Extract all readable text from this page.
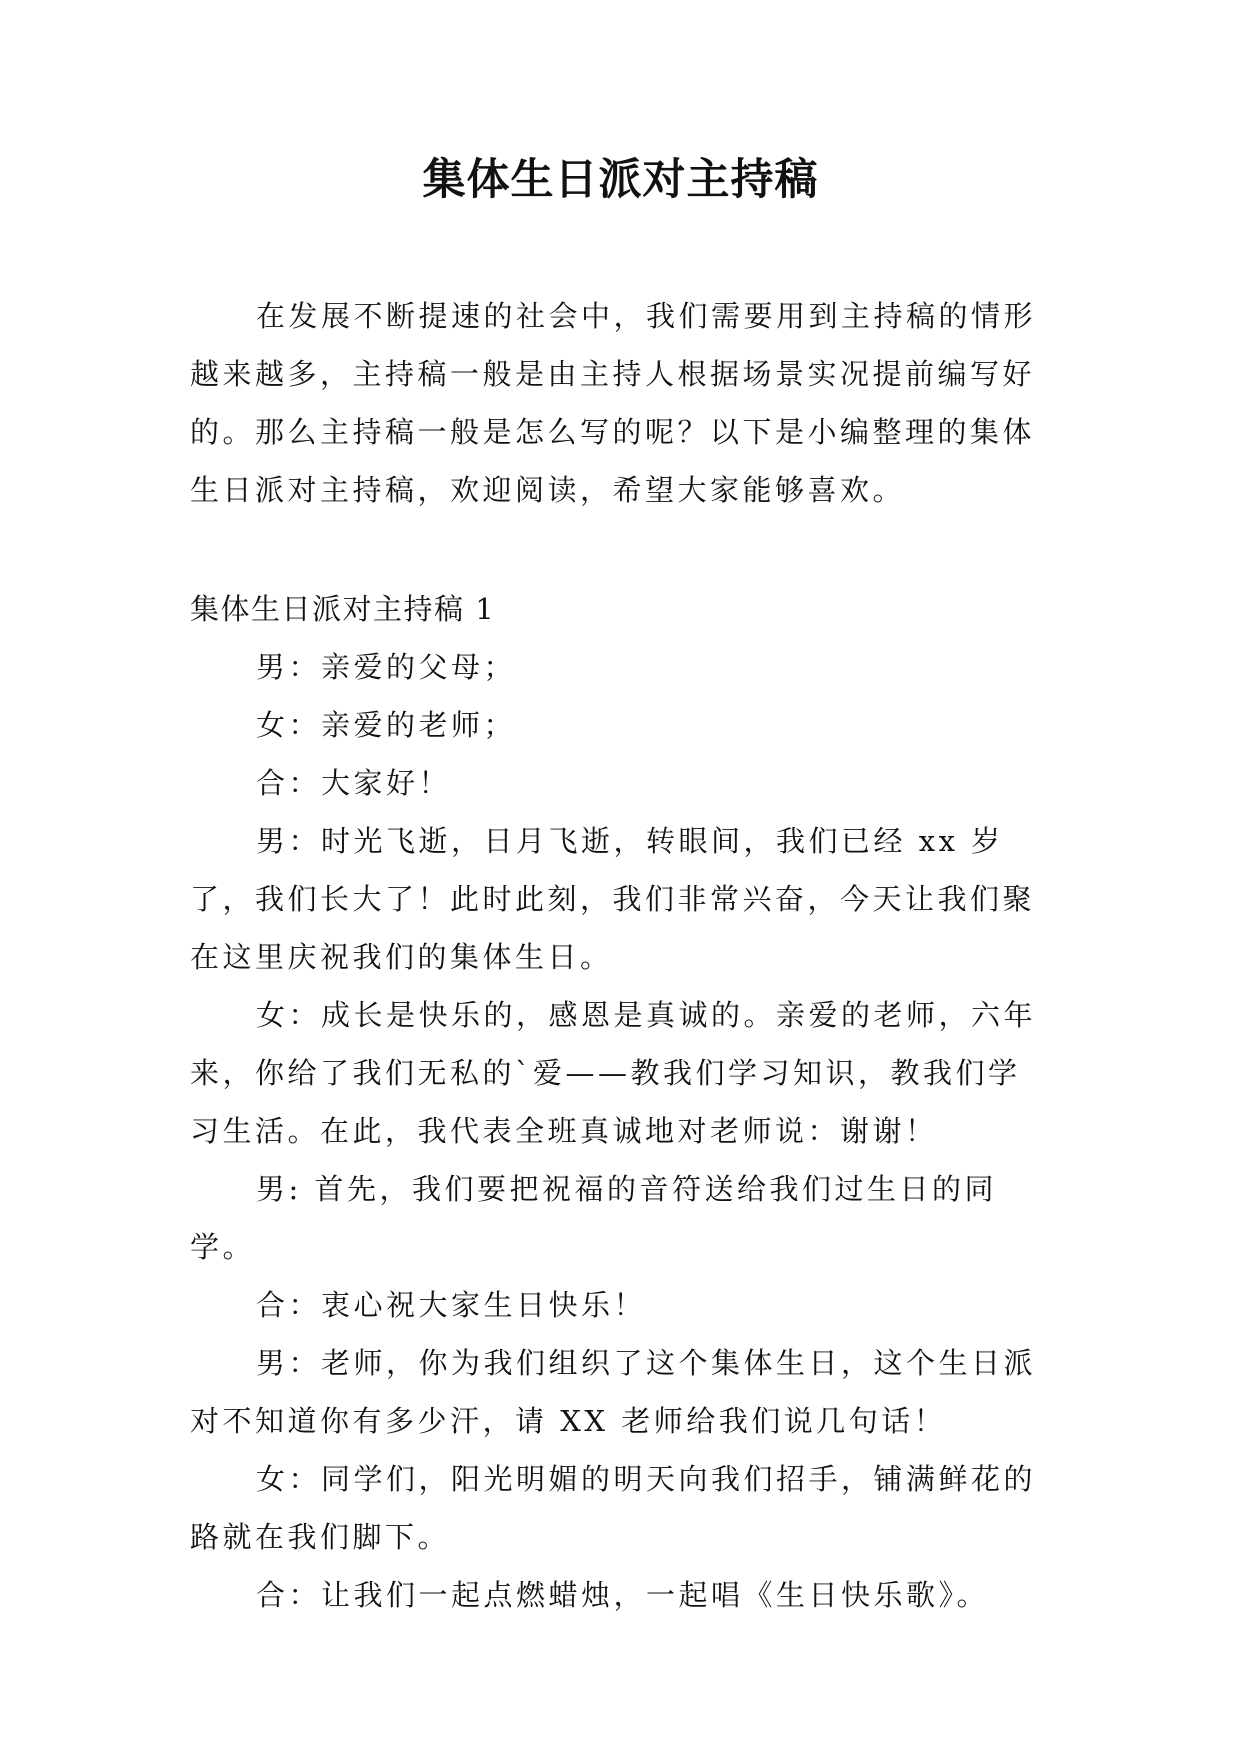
集体生日派对主持稿

在发展不断提速的社会中，我们需要用到主持稿的情形越来越多，主持稿一般是由主持人根据场景实况提前编写好的。那么主持稿一般是怎么写的呢？以下是小编整理的集体生日派对主持稿，欢迎阅读，希望大家能够喜欢。

集体生日派对主持稿 1

男：亲爱的父母；

女：亲爱的老师；

合：大家好！

男：时光飞逝，日月飞逝，转眼间，我们已经 xx 岁了，我们长大了！此时此刻，我们非常兴奋，今天让我们聚在这里庆祝我们的集体生日。

女：成长是快乐的，感恩是真诚的。亲爱的老师，六年来，你给了我们无私的`爱——教我们学习知识，教我们学习生活。在此，我代表全班真诚地对老师说：谢谢！

男: 首先，我们要把祝福的音符送给我们过生日的同学。

合：衷心祝大家生日快乐！

男：老师，你为我们组织了这个集体生日，这个生日派对不知道你有多少汗，请 XX 老师给我们说几句话！

女：同学们，阳光明媚的明天向我们招手，铺满鲜花的路就在我们脚下。

合：让我们一起点燃蜡烛，一起唱《生日快乐歌》。
